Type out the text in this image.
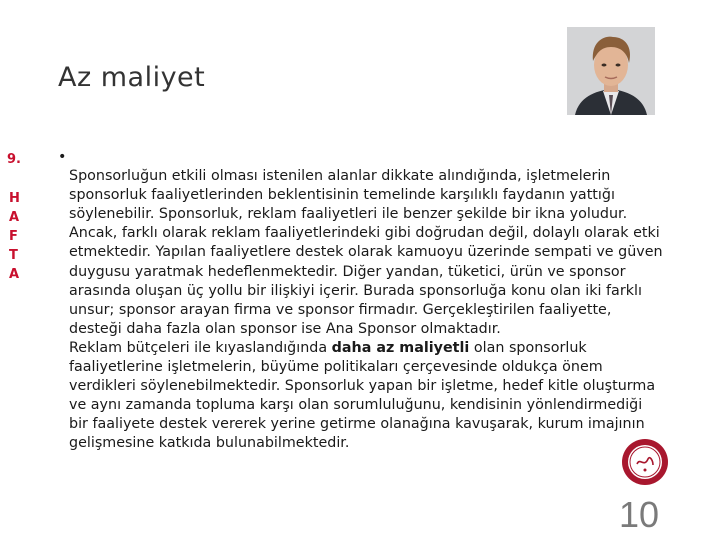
Az maliyet
9.
H
A
F
T
A
•

Sponsorluğun etkili olması istenilen alanlar dikkate alındığında, işletmelerin sponsorluk faaliyetlerinden beklentisinin temelinde karşılıklı faydanın yattığı söylenebilir. Sponsorluk, reklam faaliyetleri ile benzer şekilde bir ikna yoludur. Ancak, farklı olarak reklam faaliyetlerindeki gibi doğrudan değil, dolaylı olarak etki etmektedir. Yapılan faaliyetlere destek olarak kamuoyu üzerinde sempati ve güven duygusu yaratmak hedeflenmektedir. Diğer yandan, tüketici, ürün ve sponsor arasında oluşan üç yollu bir ilişkiyi içerir. Burada sponsorluğa konu olan iki farklı unsur; sponsor arayan firma ve sponsor firmadır. Gerçekleştirilen faaliyette, desteği daha fazla olan sponsor ise Ana Sponsor olmaktadır.

Reklam bütçeleri ile kıyaslandığında daha az maliyetli olan sponsorluk faaliyetlerine işletmelerin, büyüme politikaları çerçevesinde oldukça önem verdikleri söylenebilmektedir. Sponsorluk yapan bir işletme, hedef kitle oluşturma ve aynı zamanda topluma karşı olan sorumluluğunu, kendisinin yönlendirmediği bir faaliyete destek vererek yerine getirme olanağına kavuşarak, kurum imajının gelişmesine katkıda bulunabilmektedir.
10
